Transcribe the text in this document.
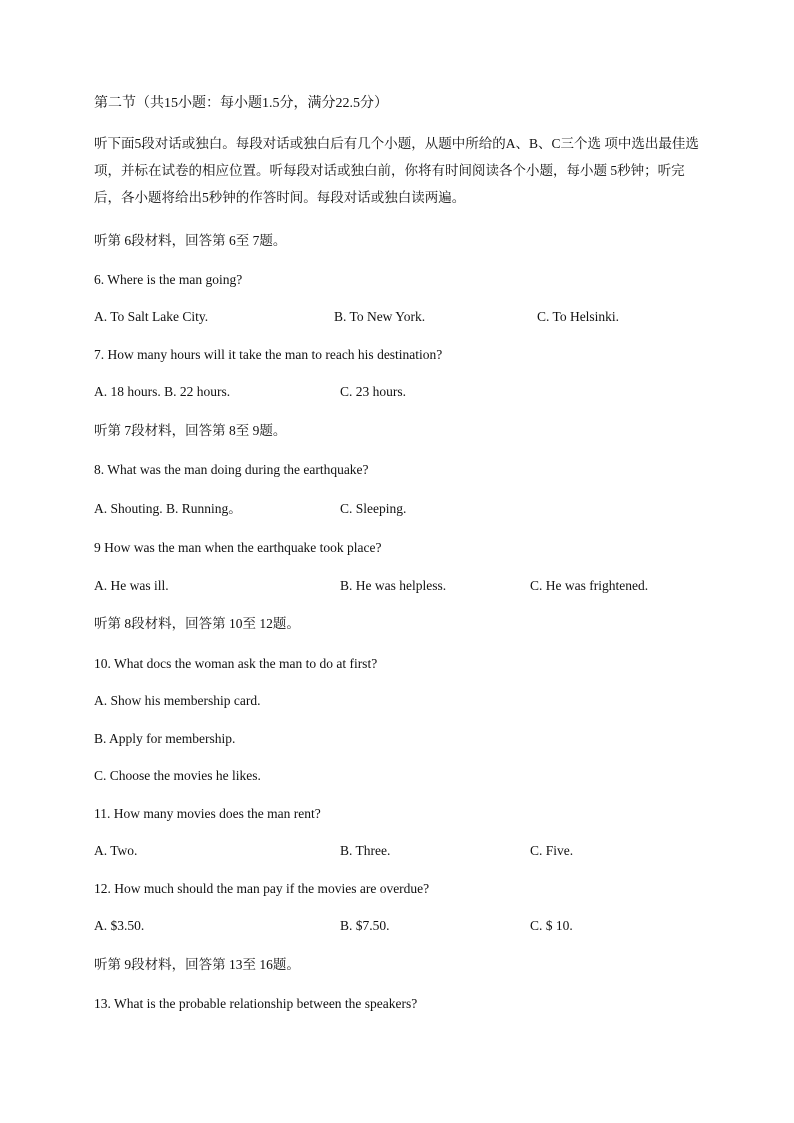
第二节（共15小题：每小题1.5分，满分22.5分）
听下面5段对话或独白。每段对话或独白后有几个小题，从题中所给的A、B、C三个选 项中选出最佳选项，并标在试卷的相应位置。听每段对话或独白前，你将有时间阅读各个小题，每小题 5秒钟；听完后，各小题将给出5秒钟的作答时间。每段对话或独白读两遍。
听第 6段材料，回答第 6至 7题。
6. Where is the man going?
A. To Salt Lake City.	B. To New York.	C. To Helsinki.
7. How many hours will it take the man to reach his destination?
A. 18 hours. B. 22 hours.	C. 23 hours.
听第 7段材料，回答第 8至 9题。
8. What was the man doing during the earthquake?
A. Shouting. B. Running。	C. Sleeping.
9 How was the man when the earthquake took place?
A. He was ill.	B. He was helpless.	C. He was frightened.
听第 8段材料，回答第 10至 12题。
10. What docs the woman ask the man to do at first?
A. Show his membership card.
B. Apply for membership.
C. Choose the movies he likes.
11. How many movies does the man rent?
A. Two.	B. Three.	C. Five.
12. How much should the man pay if the movies are overdue?
A. $3.50.	B. $7.50.	C. $ 10.
听第 9段材料，回答第 13至 16题。
13. What is the probable relationship between the speakers?
